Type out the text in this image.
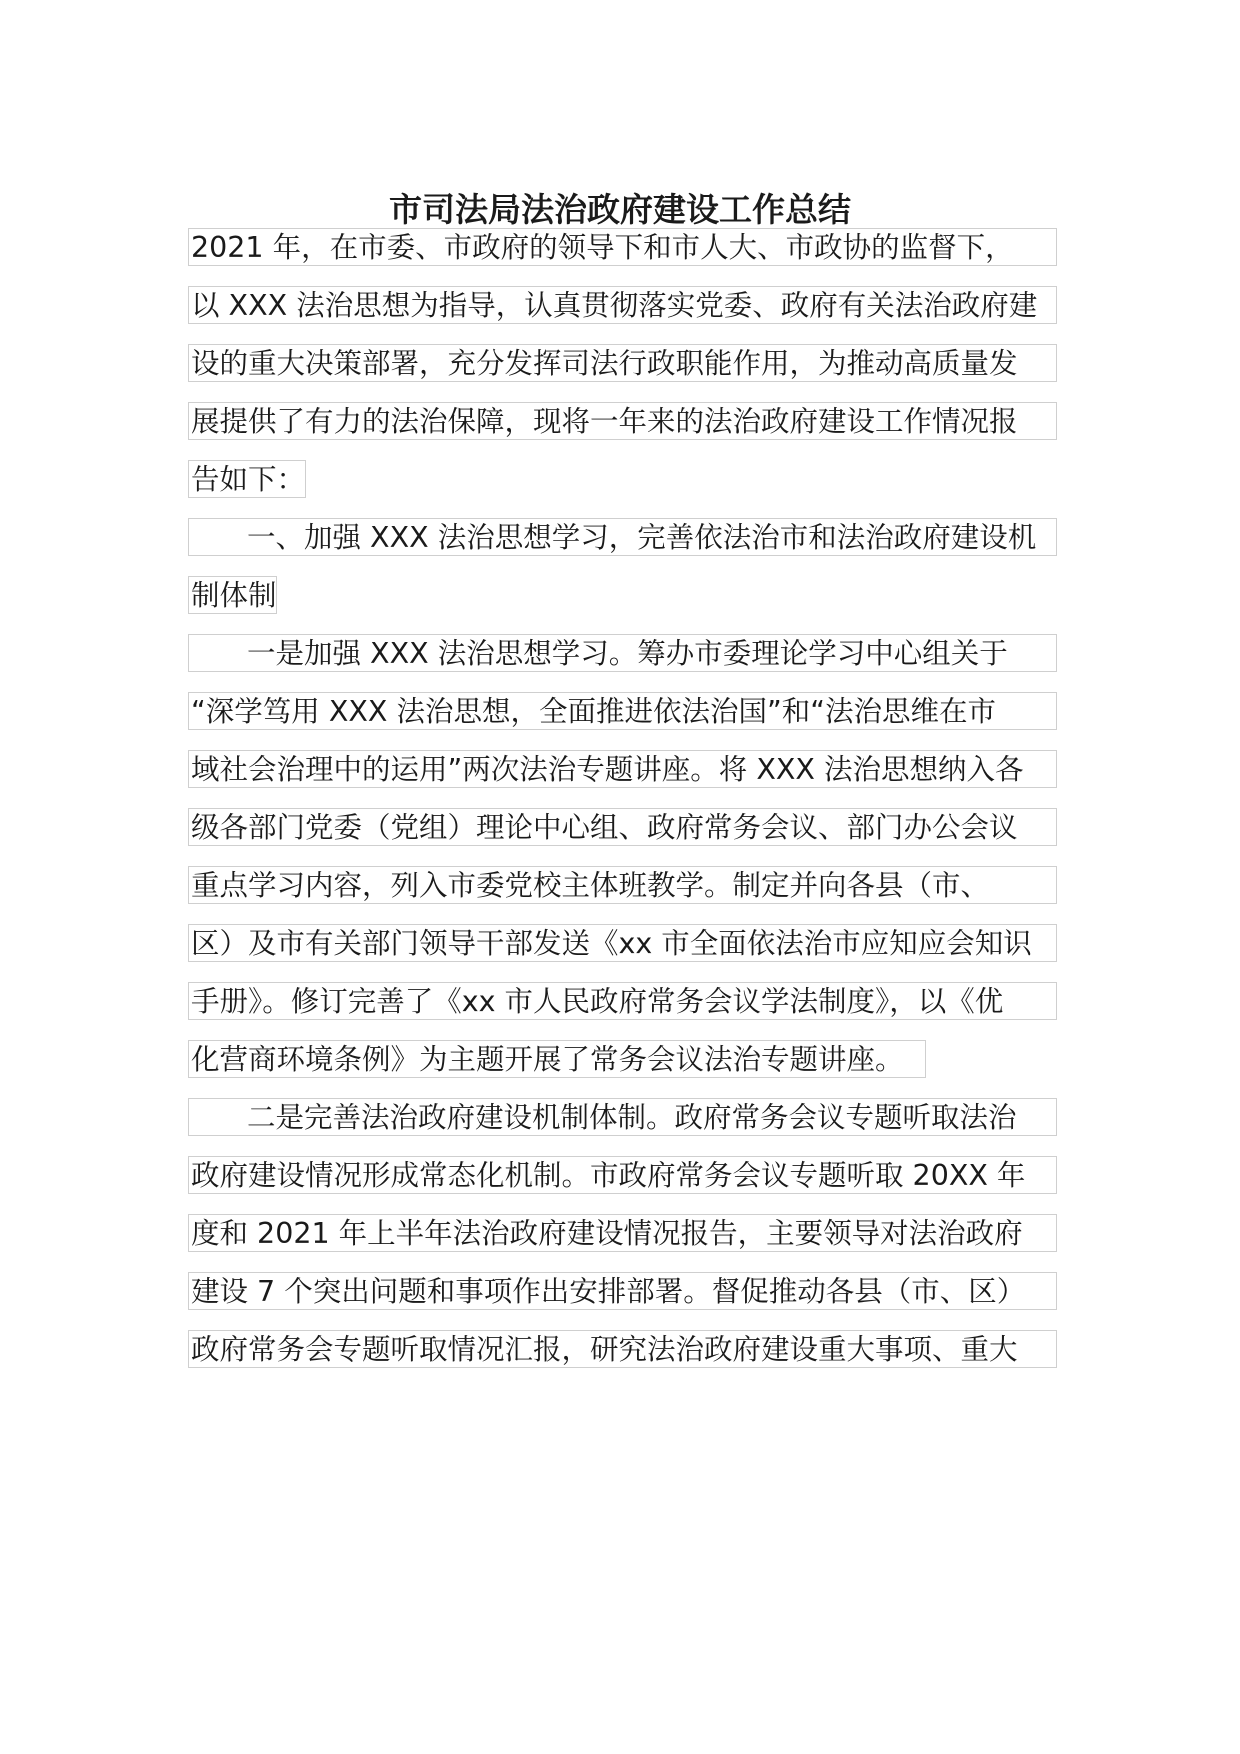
市司法局法治政府建设工作总结
2021 年，在市委、市政府的领导下和市人大、市政协的监督下，
以 XXX 法治思想为指导，认真贯彻落实党委、政府有关法治政府建
设的重大决策部署，充分发挥司法行政职能作用，为推动高质量发
展提供了有力的法治保障，现将一年来的法治政府建设工作情况报
告如下：
一、加强 XXX 法治思想学习，完善依法治市和法治政府建设机
制体制
一是加强 XXX 法治思想学习。筹办市委理论学习中心组关于
“深学笃用 XXX 法治思想，全面推进依法治国”和“法治思维在市
域社会治理中的运用”两次法治专题讲座。将 XXX 法治思想纳入各
级各部门党委（党组）理论中心组、政府常务会议、部门办公会议
重点学习内容，列入市委党校主体班教学。制定并向各县（市、
区）及市有关部门领导干部发送《xx 市全面依法治市应知应会知识
手册》。修订完善了《xx 市人民政府常务会议学法制度》，以《优
化营商环境条例》为主题开展了常务会议法治专题讲座。
二是完善法治政府建设机制体制。政府常务会议专题听取法治
政府建设情况形成常态化机制。市政府常务会议专题听取 20XX 年
度和 2021 年上半年法治政府建设情况报告，主要领导对法治政府
建设 7 个突出问题和事项作出安排部署。督促推动各县（市、区）
政府常务会专题听取情况汇报，研究法治政府建设重大事项、重大
